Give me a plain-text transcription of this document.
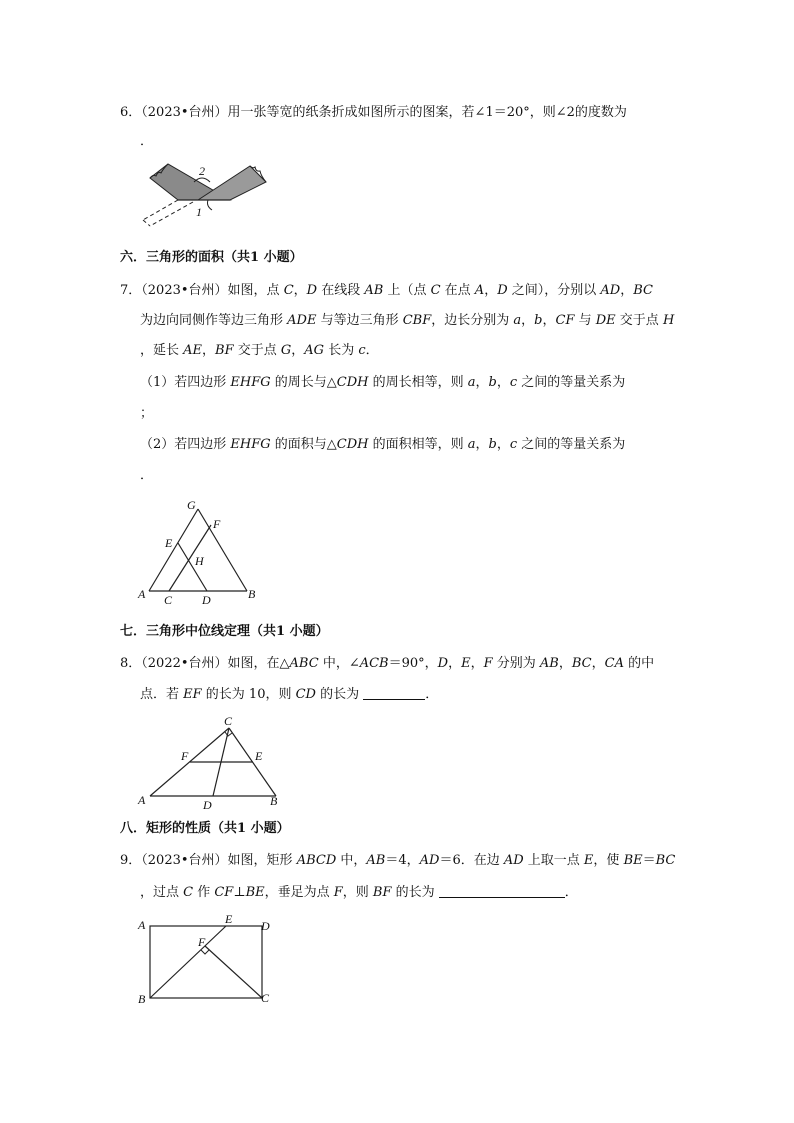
6．（2023•台州）用一张等宽的纸条折成如图所示的图案，若∠1＝20°，则∠2的度数为
．
2
1
六．三角形的面积（共1 小题）
7．（2023•台州）如图，点 C，D 在线段 AB 上（点 C 在点 A，D 之间），分别以 AD，BC
为边向同侧作等边三角形 ADE 与等边三角形 CBF，边长分别为 a，b，CF 与 DE 交于点 H
，延长 AE，BF 交于点 G，AG 长为 c．
（1）若四边形 EHFG 的周长与△CDH 的周长相等，则 a，b，c 之间的等量关系为
；
（2）若四边形 EHFG 的面积与△CDH 的面积相等，则 a，b，c 之间的等量关系为
．
G
F
E
H
A C D	B
七．三角形中位线定理（共1 小题）
8．（2022•台州）如图，在△ABC 中，∠ACB＝90°，D，E，F 分别为 AB，BC，CA 的中
点．若 EF 的长为 10，则 CD 的长为	．
C
F	E
A	D	B
八．矩形的性质（共1 小题）
9．（2023•台州）如图，矩形 ABCD 中，AB＝4，AD＝6．在边 AD 上取一点 E，使 BE＝BC
，过点 C 作 CF⊥BE，垂足为点 F，则 BF 的长为	．
A	E D
F
B	C
